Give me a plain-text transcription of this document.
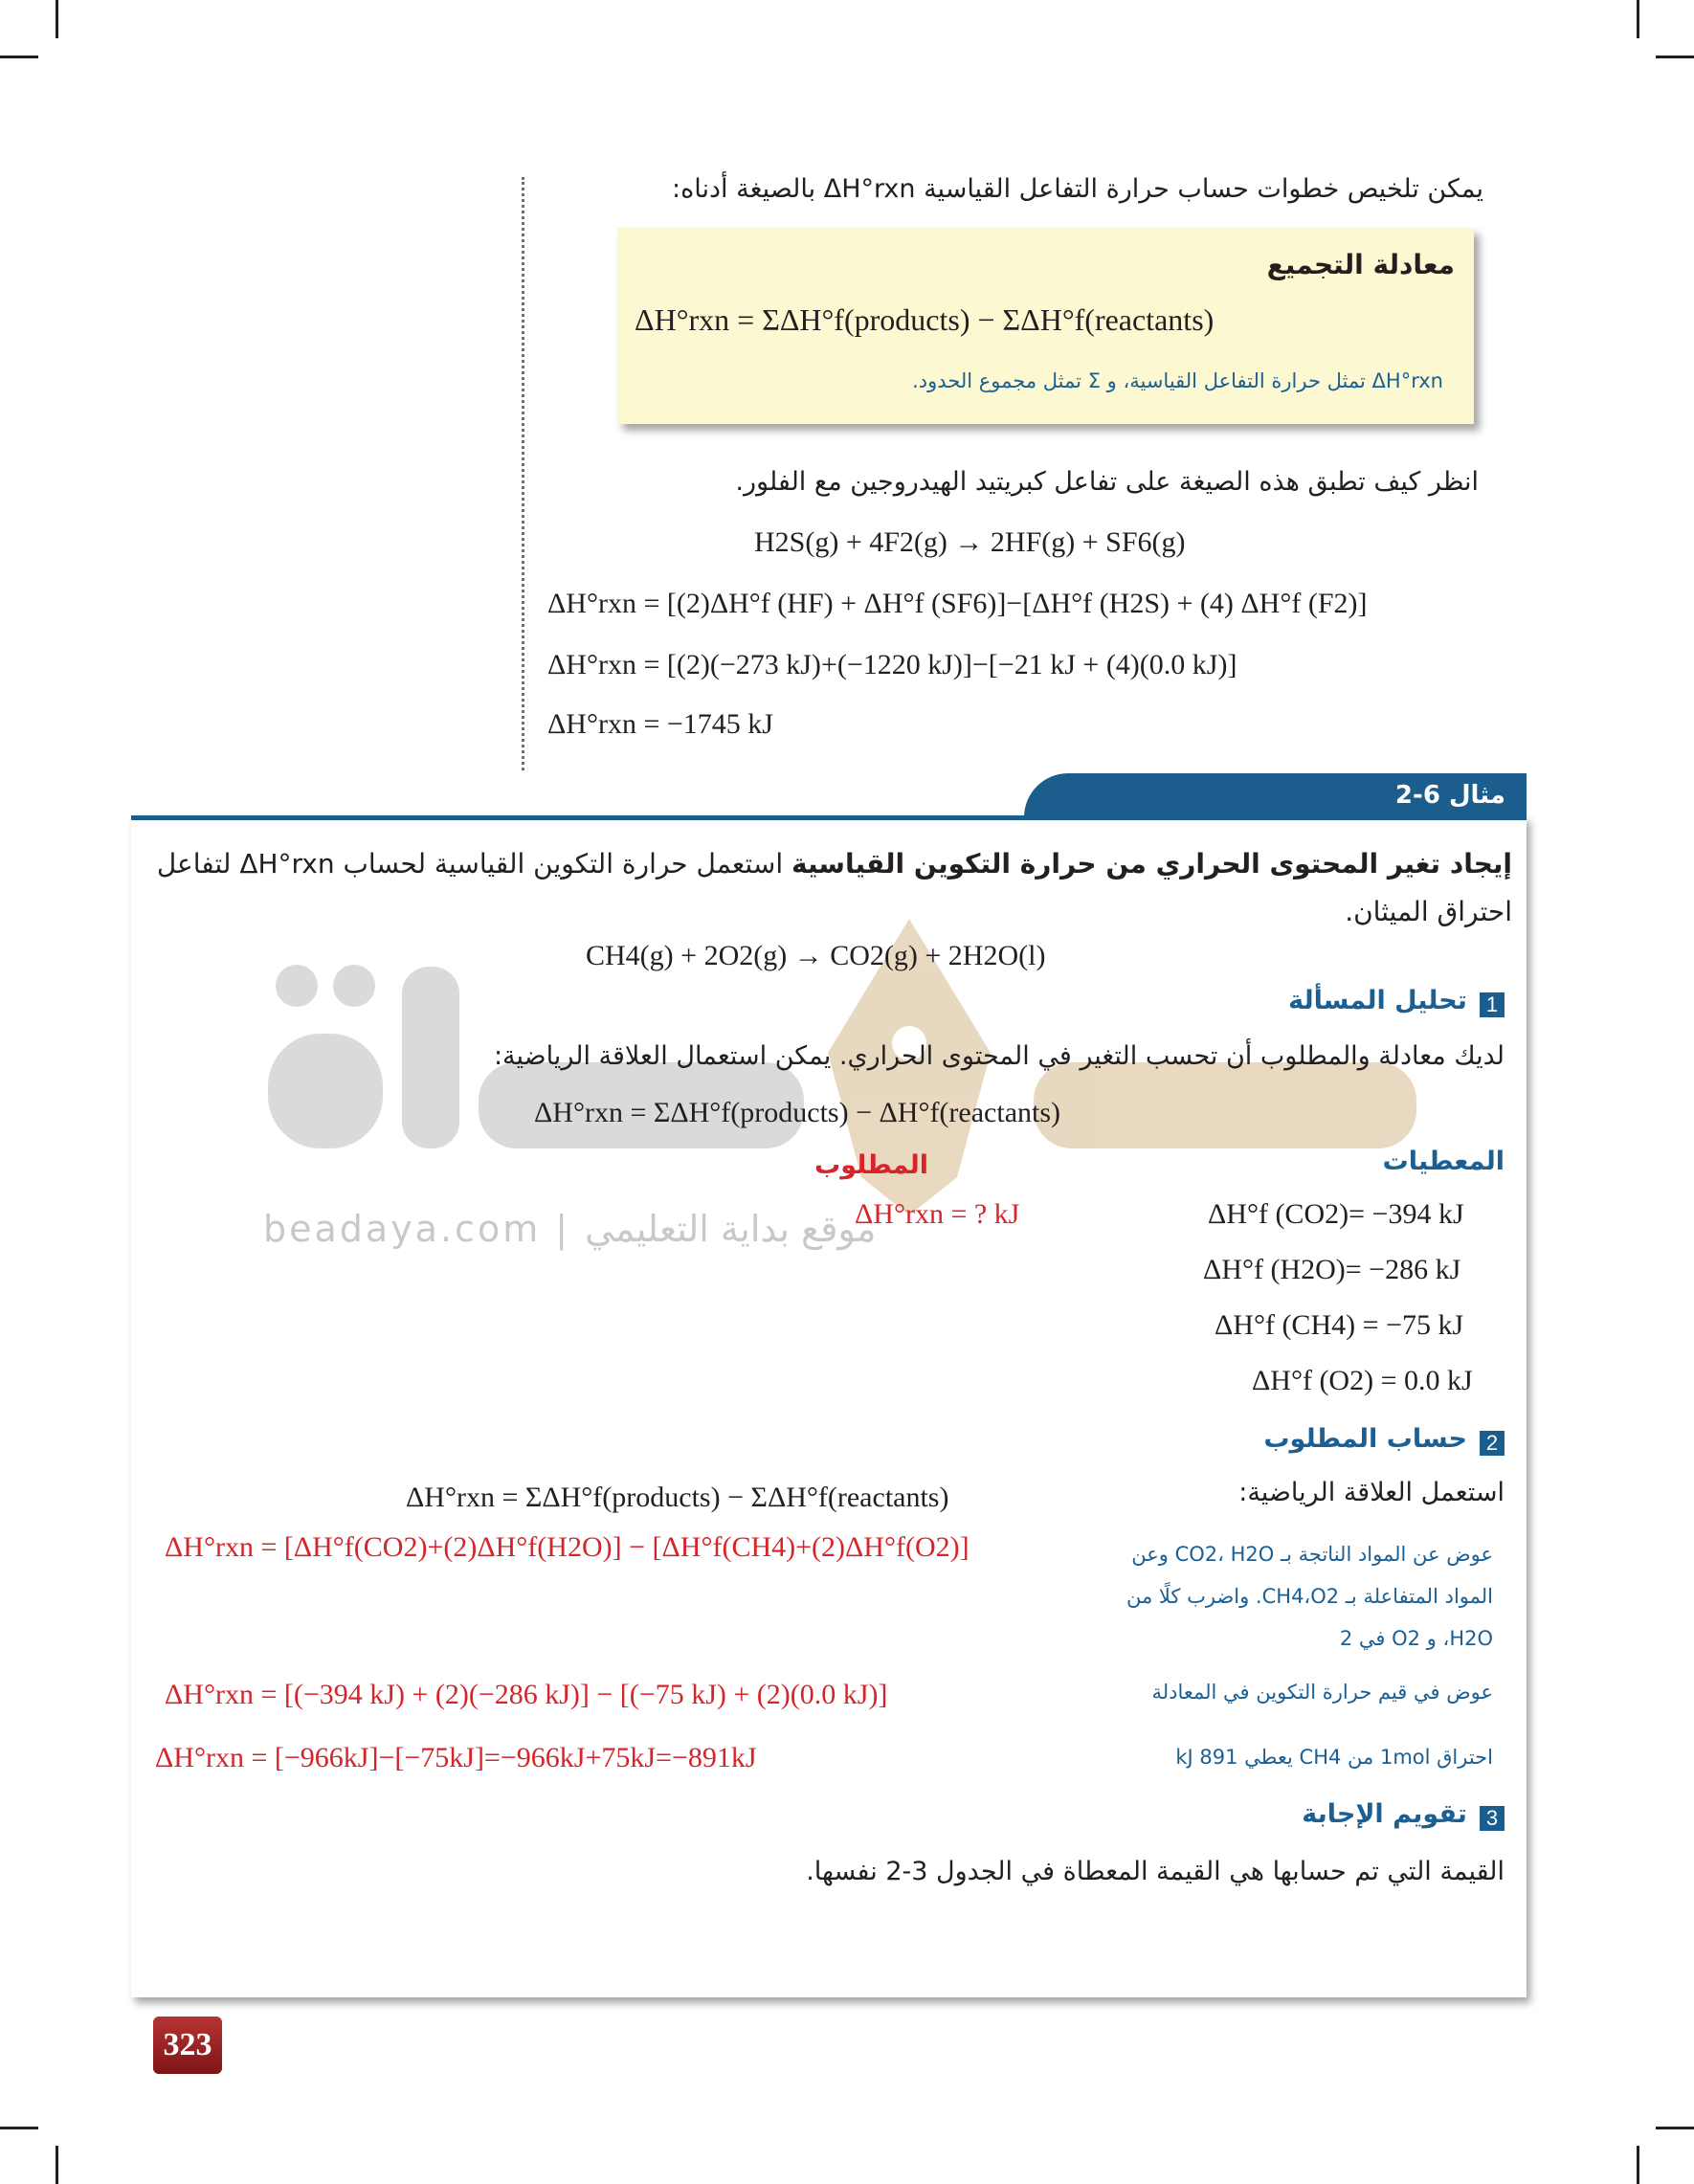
يمكن تلخيص خطوات حساب حرارة التفاعل القياسية ΔH°rxn بالصيغة أدناه:
معادلة التجميع
ΔH°rxn = ΣΔH°f(products) − ΣΔH°f(reactants)
ΔH°rxn تمثل حرارة التفاعل القياسية، و Σ تمثل مجموع الحدود.
انظر كيف تطبق هذه الصيغة على تفاعل كبريتيد الهيدروجين مع الفلور.
H2S(g) + 4F2(g) → 2HF(g) + SF6(g)
ΔH°rxn = [(2)ΔH°f (HF) + ΔH°f (SF6)]−[ΔH°f (H2S) + (4) ΔH°f (F2)]
ΔH°rxn = [(2)(−273 kJ)+(−1220 kJ)]−[−21 kJ + (4)(0.0 kJ)]
ΔH°rxn = −1745 kJ
مثال 6-2
beadaya.com | موقع بداية التعليمي
إيجاد تغير المحتوى الحراري من حرارة التكوين القياسية استعمل حرارة التكوين القياسية لحساب ΔH°rxn لتفاعل احتراق الميثان.
CH4(g) + 2O2(g) → CO2(g) + 2H2O(l)
1 تحليل المسألة
لديك معادلة والمطلوب أن تحسب التغير في المحتوى الحراري. يمكن استعمال العلاقة الرياضية:
ΔH°rxn = ΣΔH°f(products) − ΔH°f(reactants)
المعطيات
المطلوب
ΔH°rxn = ? kJ	ΔH°f (CO2)= −394 kJ
ΔH°f (H2O)= −286 kJ
ΔH°f (CH4) = −75 kJ
ΔH°f (O2) = 0.0 kJ
2 حساب المطلوب
استعمل العلاقة الرياضية:
ΔH°rxn = ΣΔH°f(products) − ΣΔH°f(reactants)
ΔH°rxn = [ΔH°f(CO2)+(2)ΔH°f(H2O)] − [ΔH°f(CH4)+(2)ΔH°f(O2)]	عوض عن المواد الناتجة بـ CO2، H2O وعن المواد المتفاعلة بـ CH4،O2. واضرب كلًا من H2O، و O2 في 2
ΔH°rxn = [(−394 kJ) + (2)(−286 kJ)] − [(−75 kJ) + (2)(0.0 kJ)]	عوض في قيم حرارة التكوين في المعادلة
ΔH°rxn = [−966kJ]−[−75kJ]=−966kJ+75kJ=−891kJ	احتراق 1mol من CH4 يعطي 891 kJ
3 تقويم الإجابة
القيمة التي تم حسابها هي القيمة المعطاة في الجدول 3-2 نفسها.
323
